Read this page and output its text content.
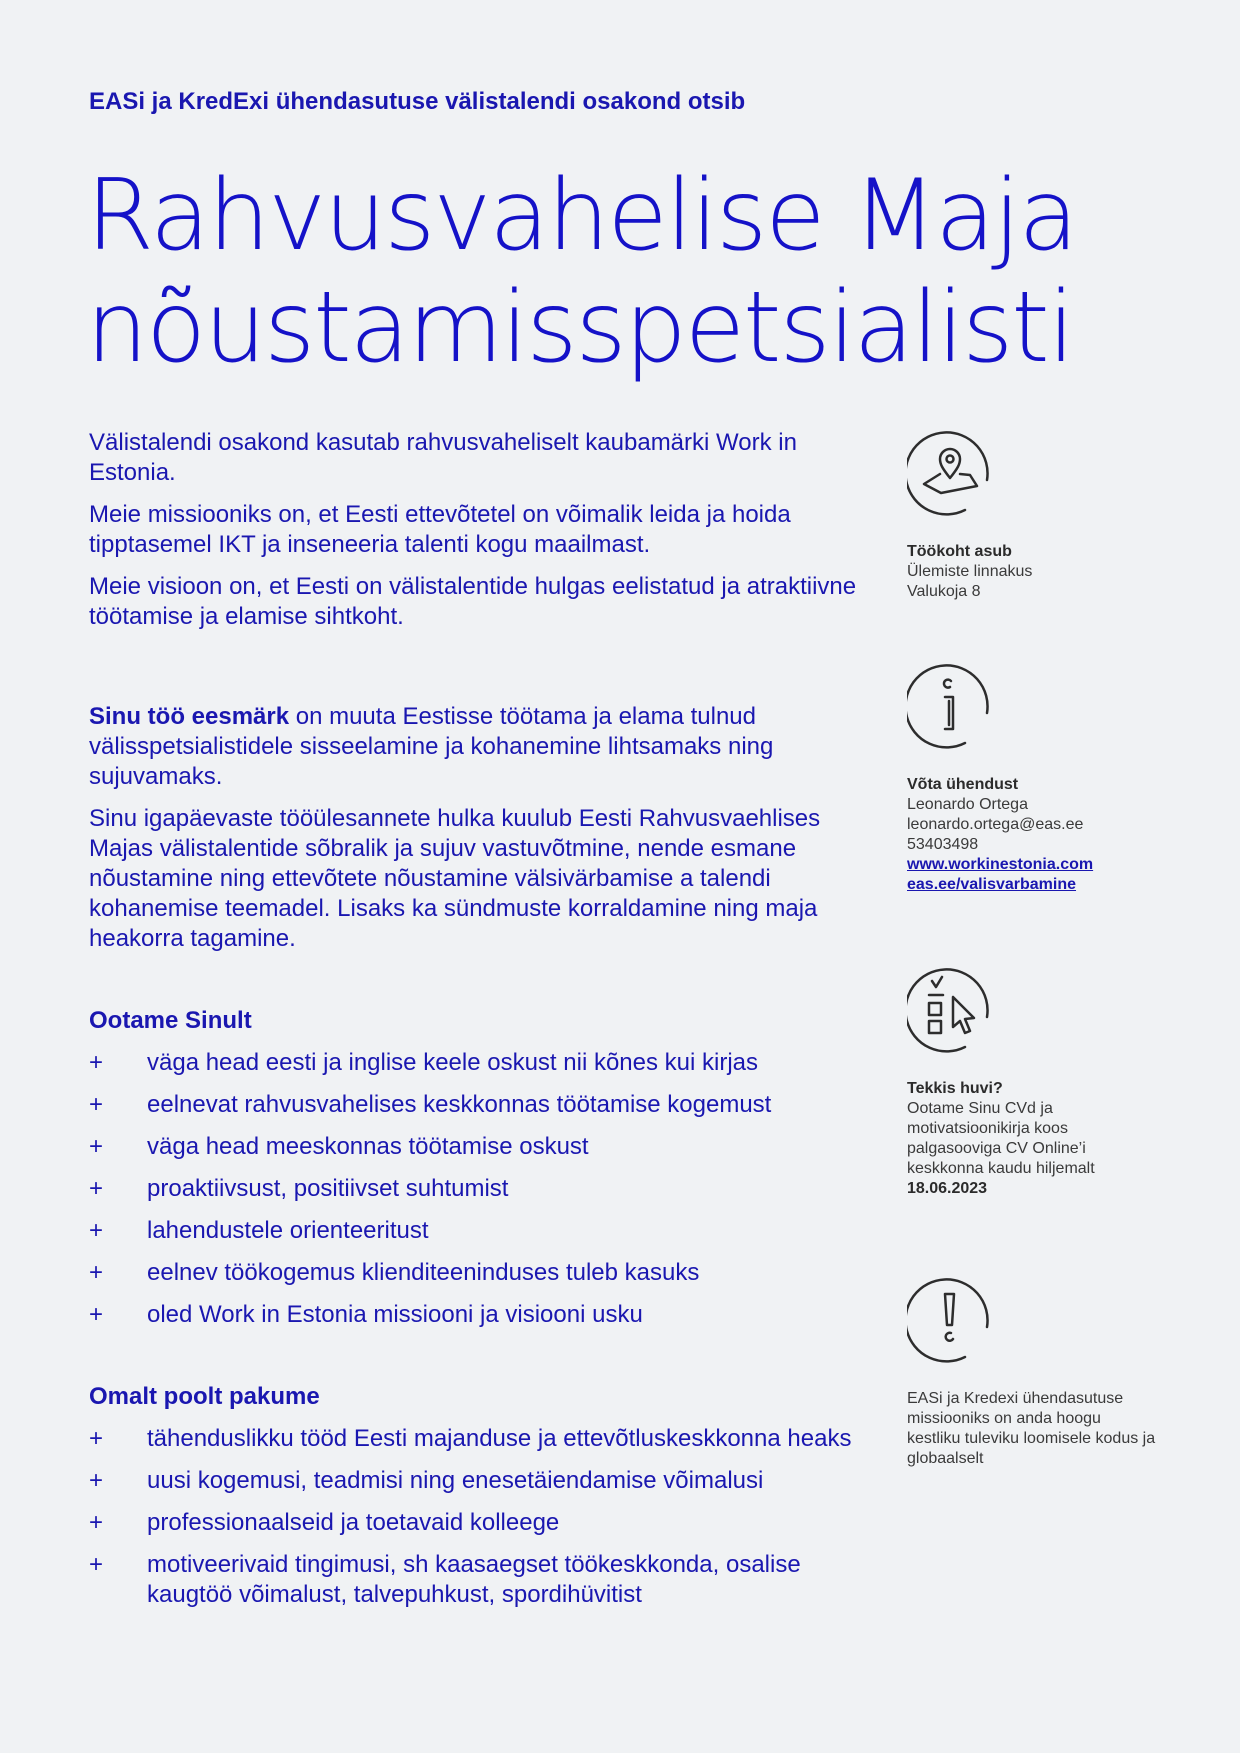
EASi ja KredExi ühendasutuse välistalendi osakond otsib
Rahvusvahelise Maja
nõustamisspetsialisti

Välistalendi osakond kasutab rahvusvaheliselt kaubamärki Work in Estonia.

Meie missiooniks on, et Eesti ettevõtetel on võimalik leida ja hoida tipptasemel IKT ja inseneeria talenti kogu maailmast.

Meie visioon on, et Eesti on välistalentide hulgas eelistatud ja atraktiivne töötamise ja elamise sihtkoht.

Sinu töö eesmärk on muuta Eestisse töötama ja elama tulnud välisspetsialistidele sisseelamine ja kohanemine lihtsamaks ning sujuvamaks.

Sinu igapäevaste tööülesannete hulka kuulub Eesti Rahvusvaehlises Majas välistalentide sõbralik ja sujuv vastuvõtmine, nende esmane nõustamine ning ettevõtete nõustamine välsivärbamise a talendi kohanemise teemadel. Lisaks ka sündmuste korraldamine ning maja heakorra tagamine.

Ootame Sinult
+ väga head eesti ja inglise keele oskust nii kõnes kui kirjas
+ eelnevat rahvusvahelises keskkonnas töötamise kogemust
+ väga head meeskonnas töötamise oskust
+ proaktiivsust, positiivset suhtumist
+ lahendustele orienteeritust
+ eelnev töökogemus klienditeeninduses tuleb kasuks
+ oled Work in Estonia missiooni ja visiooni usku
Omalt poolt pakume
+ tähenduslikku tööd Eesti majanduse ja ettevõtluskeskkonna heaks
+ uusi kogemusi, teadmisi ning enesetäiendamise võimalusi
+ professionaalseid ja toetavaid kolleege
+ motiveerivaid tingimusi, sh kaasaegset töökeskkonda, osalise kaugtöö võimalust, talvepuhkust, spordihüvitist
Töökoht asub
Ülemiste linnakus
Valukoja 8
Võta ühendust
Leonardo Ortega
leonardo.ortega@eas.ee
53403498
www.workinestonia.com
eas.ee/valisvarbamine
Tekkis huvi?
Ootame Sinu CVd ja motivatsioonikirja koos palgasooviga CV Online’i keskkonna kaudu hiljemalt
18.06.2023
EASi ja Kredexi ühendasutuse missiooniks on anda hoogu kestliku tuleviku loomisele kodus ja globaalselt
